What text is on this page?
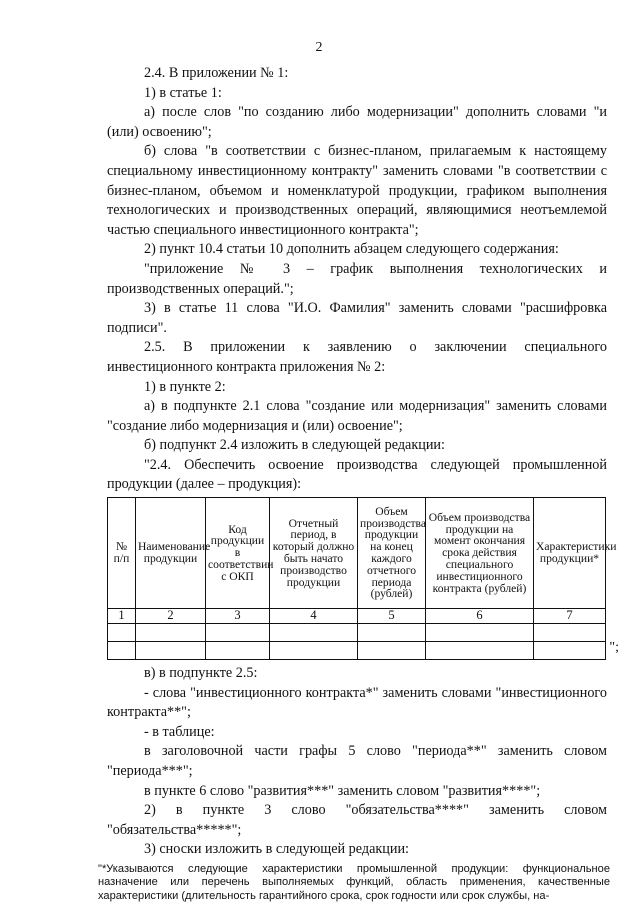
2

2.4. В приложении № 1:

1) в статье 1:

а) после слов "по созданию либо модернизации" дополнить словами "и (или) освоению";

б) слова "в соответствии с бизнес-планом, прилагаемым к настоящему специальному инвестиционному контракту" заменить словами "в соответствии с бизнес-планом, объемом и номенклатурой продукции, графиком выполнения технологических и производственных операций, являющимися неотъемлемой частью специального инвестиционного контракта";

2) пункт 10.4 статьи 10 дополнить абзацем следующего содержания:

"приложение № 3 – график выполнения технологических и производственных операций.";

3) в статье 11 слова "И.О. Фамилия" заменить словами "расшифровка подписи".

2.5. В приложении к заявлению о заключении специального инвестиционного контракта приложения № 2:

1) в пункте 2:

а) в подпункте 2.1 слова "создание или модернизация" заменить словами "создание либо модернизация и (или) освоение";

б) подпункт 2.4 изложить в следующей редакции:

"2.4. Обеспечить освоение производства следующей промышленной продукции (далее – продукция):

№ п/п	Наименование продукции	Код продукции в соответствии с ОКП	Отчетный период, в который должно быть начато производство продукции	Объем производства продукции на конец каждого отчетного периода (рублей)	Объем производства продукции на момент окончания срока действия специального инвестиционного контракта (рублей)	Характеристики продукции*
1	2	3	4	5	6	7

";

в) в подпункте 2.5:

- слова "инвестиционного контракта*" заменить словами "инвестиционного контракта**";

- в таблице:

в заголовочной части графы 5 слово "периода**" заменить словом "периода***";

в пункте 6 слово "развития***" заменить словом "развития****";

2) в пункте 3 слово "обязательства****" заменить словом "обязательства*****";

3) сноски изложить в следующей редакции:

"*Указываются следующие характеристики промышленной продукции: функциональное назначение или перечень выполняемых функций, область применения, качественные характеристики (длительность гарантийного срока, срок годности или срок службы, на-
